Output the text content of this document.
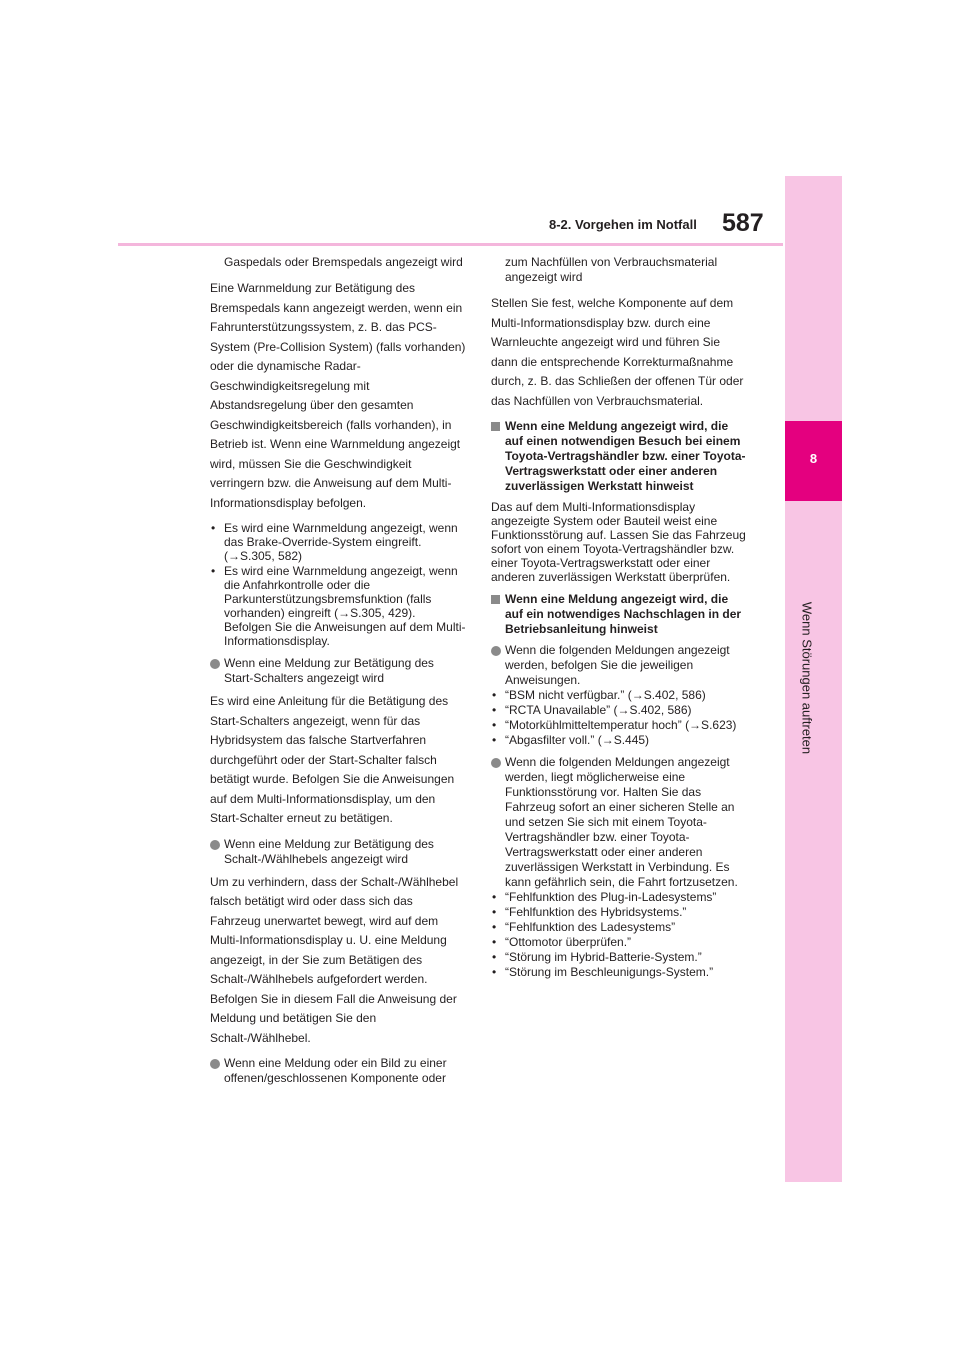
8
Wenn Störungen auftreten
8-2. Vorgehen im Notfall 587
Gaspedals oder Bremspedals angezeigt wird
Eine Warnmeldung zur Betätigung des Bremspedals kann angezeigt werden, wenn ein Fahrunterstützungssystem, z. B. das PCS-System (Pre-Collision System) (falls vorhanden) oder die dynamische Radar-Geschwindigkeitsregelung mit Abstandsregelung über den gesamten Geschwindigkeitsbereich (falls vorhanden), in Betrieb ist. Wenn eine Warnmeldung angezeigt wird, müssen Sie die Geschwindigkeit verringern bzw. die Anweisung auf dem Multi-Informationsdisplay befolgen.
• Es wird eine Warnmeldung angezeigt, wenn das Brake-Override-System eingreift. (→S.305, 582)
• Es wird eine Warnmeldung angezeigt, wenn die Anfahrkontrolle oder die Parkunterstützungsbremsfunktion (falls vorhanden) eingreift (→S.305, 429). Befolgen Sie die Anweisungen auf dem Multi-Informationsdisplay.
Wenn eine Meldung zur Betätigung des Start-Schalters angezeigt wird
Es wird eine Anleitung für die Betätigung des Start-Schalters angezeigt, wenn für das Hybridsystem das falsche Startverfahren durchgeführt oder der Start-Schalter falsch betätigt wurde. Befolgen Sie die Anweisungen auf dem Multi-Informationsdisplay, um den Start-Schalter erneut zu betätigen.
Wenn eine Meldung zur Betätigung des Schalt-/Wählhebels angezeigt wird
Um zu verhindern, dass der Schalt-/Wählhebel falsch betätigt wird oder dass sich das Fahrzeug unerwartet bewegt, wird auf dem Multi-Informationsdisplay u. U. eine Meldung angezeigt, in der Sie zum Betätigen des Schalt-/Wählhebels aufgefordert werden. Befolgen Sie in diesem Fall die Anweisung der Meldung und betätigen Sie den Schalt-/Wählhebel.
Wenn eine Meldung oder ein Bild zu einer offenen/geschlossenen Komponente oder
zum Nachfüllen von Verbrauchsmaterial angezeigt wird
Stellen Sie fest, welche Komponente auf dem Multi-Informationsdisplay bzw. durch eine Warnleuchte angezeigt wird und führen Sie dann die entsprechende Korrekturmaßnahme durch, z. B. das Schließen der offenen Tür oder das Nachfüllen von Verbrauchsmaterial.
Wenn eine Meldung angezeigt wird, die auf einen notwendigen Besuch bei einem Toyota-Vertragshändler bzw. einer Toyota-Vertragswerkstatt oder einer anderen zuverlässigen Werkstatt hinweist
Das auf dem Multi-Informationsdisplay angezeigte System oder Bauteil weist eine Funktionsstörung auf. Lassen Sie das Fahrzeug sofort von einem Toyota-Vertragshändler bzw. einer Toyota-Vertragswerkstatt oder einer anderen zuverlässigen Werkstatt überprüfen.
Wenn eine Meldung angezeigt wird, die auf ein notwendiges Nachschlagen in der Betriebsanleitung hinweist
Wenn die folgenden Meldungen angezeigt werden, befolgen Sie die jeweiligen Anweisungen.
• “BSM nicht verfügbar.” (→S.402, 586)
• “RCTA Unavailable” (→S.402, 586)
• “Motorkühlmitteltemperatur hoch” (→S.623)
• “Abgasfilter voll.” (→S.445)
Wenn die folgenden Meldungen angezeigt werden, liegt möglicherweise eine Funktionsstörung vor. Halten Sie das Fahrzeug sofort an einer sicheren Stelle an und setzen Sie sich mit einem Toyota-Vertragshändler bzw. einer Toyota-Vertragswerkstatt oder einer anderen zuverlässigen Werkstatt in Verbindung. Es kann gefährlich sein, die Fahrt fortzusetzen.
• “Fehlfunktion des Plug-in-Ladesystems”
• “Fehlfunktion des Hybridsystems.”
• “Fehlfunktion des Ladesystems”
• “Ottomotor überprüfen.”
• “Störung im Hybrid-Batterie-System.”
• “Störung im Beschleunigungs-System.”
